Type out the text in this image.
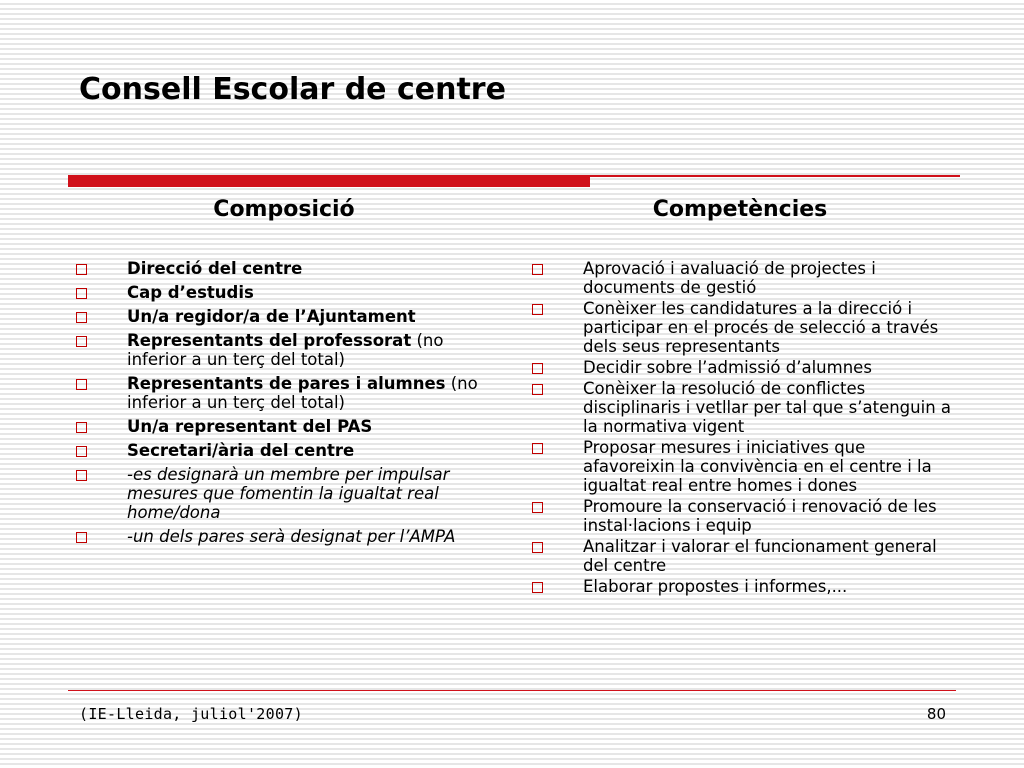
Consell Escolar de centre
Composició	Competències
Direcció del centre
Cap d’estudis
Un/a regidor/a de l’Ajuntament
Representants del professorat (no inferior a un terç del total)
Representants de pares i alumnes (no inferior a un terç del total)
Un/a representant del PAS
Secretari/ària del centre
-es designarà un membre per impulsar mesures que fomentin la igualtat real home/dona
-un dels pares serà designat per l’AMPA
Aprovació i avaluació de projectes i documents de gestió
Conèixer les candidatures a la direcció i participar en el procés de selecció a través dels seus representants
Decidir sobre l’admissió d’alumnes
Conèixer la resolució de conflictes disciplinaris i vetllar per tal que s’atenguin a la normativa vigent
Proposar mesures i iniciatives que afavoreixin la convivència en el centre i la igualtat real entre homes i dones
Promoure la conservació i renovació de les instal·lacions i equip
Analitzar i valorar el funcionament general del centre
Elaborar propostes i informes,...
(IE-Lleida, juliol'2007)	80
